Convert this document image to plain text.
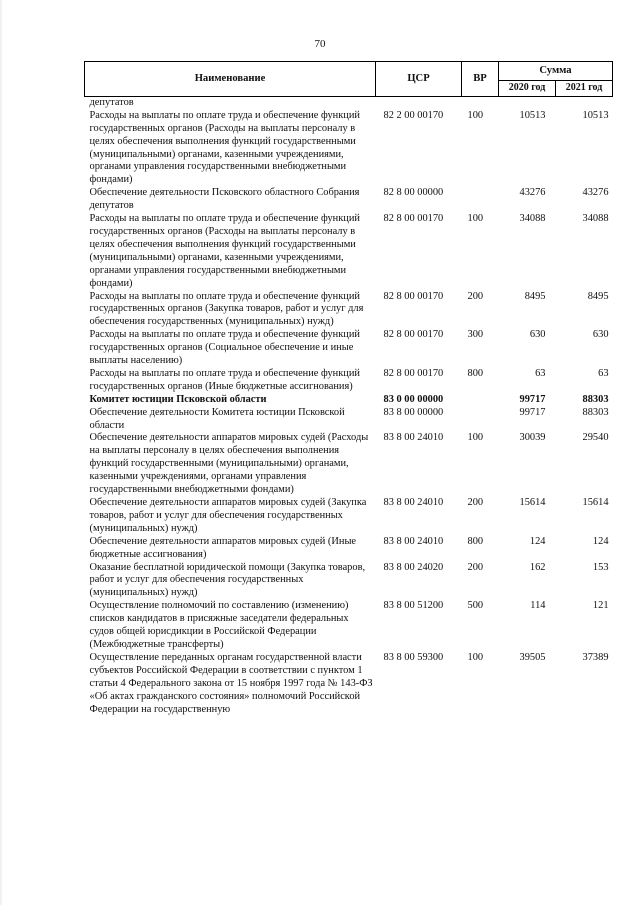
70
Наименование	ЦСР	ВР	Сумма	
			2020 год	2021 год
депутатов				
Расходы на выплаты по оплате труда и обеспечение функций государственных органов (Расходы на выплаты персоналу в целях обеспечения выполнения функций государственными (муниципальными) органами, казенными учреждениями, органами управления государственными внебюджетными фондами)	82 2 00 00170	100	10513	10513
Обеспечение деятельности Псковского областного Собрания депутатов	82 8 00 00000		43276	43276
Расходы на выплаты по оплате труда и обеспечение функций государственных органов (Расходы на выплаты персоналу в целях обеспечения выполнения функций государственными (муниципальными) органами, казенными учреждениями, органами управления государственными внебюджетными фондами)	82 8 00 00170	100	34088	34088
Расходы на выплаты по оплате труда и обеспечение функций государственных органов (Закупка товаров, работ и услуг для обеспечения государственных (муниципальных) нужд)	82 8 00 00170	200	8495	8495
Расходы на выплаты по оплате труда и обеспечение функций государственных органов (Социальное обеспечение и иные выплаты населению)	82 8 00 00170	300	630	630
Расходы на выплаты по оплате труда и обеспечение функций государственных органов (Иные бюджетные ассигнования)	82 8 00 00170	800	63	63
Комитет юстиции Псковской области	83 0 00 00000		99717	88303
Обеспечение деятельности Комитета юстиции Псковской области	83 8 00 00000		99717	88303
Обеспечение деятельности аппаратов мировых судей (Расходы на выплаты персоналу в целях обеспечения выполнения функций государственными (муниципальными) органами, казенными учреждениями, органами управления государственными внебюджетными фондами)	83 8 00 24010	100	30039	29540
Обеспечение деятельности аппаратов мировых судей (Закупка товаров, работ и услуг для обеспечения государственных (муниципальных) нужд)	83 8 00 24010	200	15614	15614
Обеспечение деятельности аппаратов мировых судей (Иные бюджетные ассигнования)	83 8 00 24010	800	124	124
Оказание бесплатной юридической помощи (Закупка товаров, работ и услуг для обеспечения государственных (муниципальных) нужд)	83 8 00 24020	200	162	153
Осуществление полномочий по составлению (изменению) списков кандидатов в присяжные заседатели федеральных судов общей юрисдикции в Российской Федерации (Межбюджетные трансферты)	83 8 00 51200	500	114	121
Осуществление переданных органам государственной власти субъектов Российской Федерации в соответствии с пунктом 1 статьи 4 Федерального закона от 15 ноября 1997 года № 143-ФЗ «Об актах гражданского состояния» полномочий Российской Федерации на государственную	83 8 00 59300	100	39505	37389
